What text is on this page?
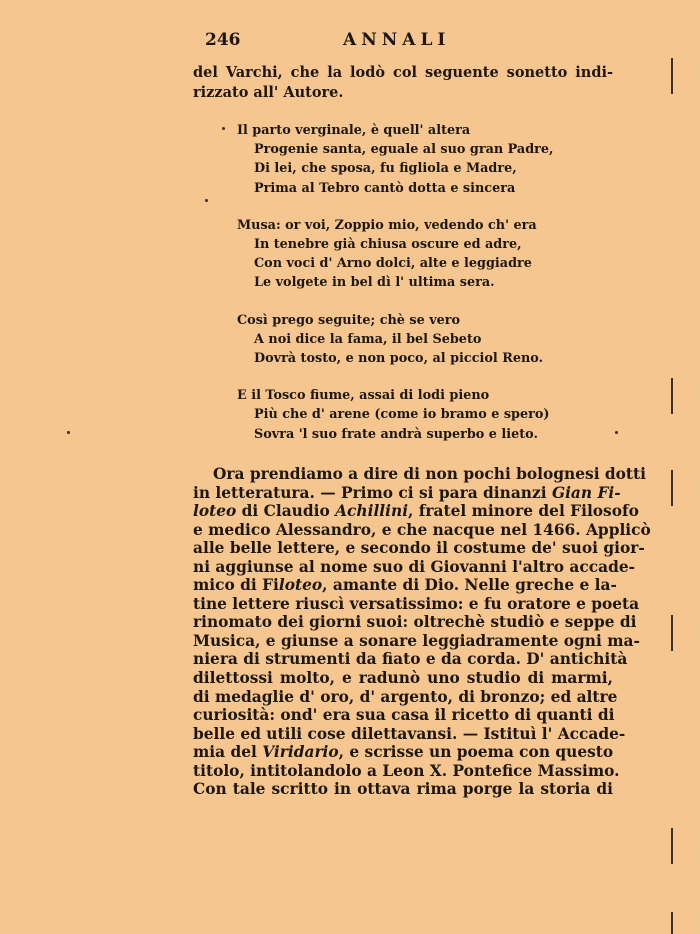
246	ANNALI
del Varchi, che la lodò col seguente sonetto indi-
rizzato all' Autore.
Il parto verginale, è quell' altera
Progenie santa, eguale al suo gran Padre,
Di lei, che sposa, fu figliola e Madre,
Prima al Tebro cantò dotta e sincera
Musa: or voi, Zoppio mio, vedendo ch' era
In tenebre già chiusa oscure ed adre,
Con voci d' Arno dolci, alte e leggiadre
Le volgete in bel dì l' ultima sera.
Così prego seguite; chè se vero
A noi dice la fama, il bel Sebeto
Dovrà tosto, e non poco, al picciol Reno.
E il Tosco fiume, assai di lodi pieno
Più che d' arene (come io bramo e spero)
Sovra 'l suo frate andrà superbo e lieto.
Ora prendiamo a dire di non pochi bolognesi dotti
in letteratura. — Primo ci si para dinanzi Gian Fi-
loteo di Claudio Achillini, fratel minore del Filosofo
e medico Alessandro, e che nacque nel 1466. Applicò
alle belle lettere, e secondo il costume de' suoi gior-
ni aggiunse al nome suo di Giovanni l'altro accade-
mico di Filoteo, amante di Dio. Nelle greche e la-
tine lettere riuscì versatissimo: e fu oratore e poeta
rinomato dei giorni suoi: oltrechè studiò e seppe di
Musica, e giunse a sonare leggiadramente ogni ma-
niera di strumenti da fiato e da corda. D' antichità
dilettossi molto, e radunò uno studio di marmi,
di medaglie d' oro, d' argento, di bronzo; ed altre
curiosità: ond' era sua casa il ricetto di quanti di
belle ed utili cose dilettavansi. — Istituì l' Accade-
mia del Viridario, e scrisse un poema con questo
titolo, intitolandolo a Leon X. Pontefice Massimo.
Con tale scritto in ottava rima porge la storia di
